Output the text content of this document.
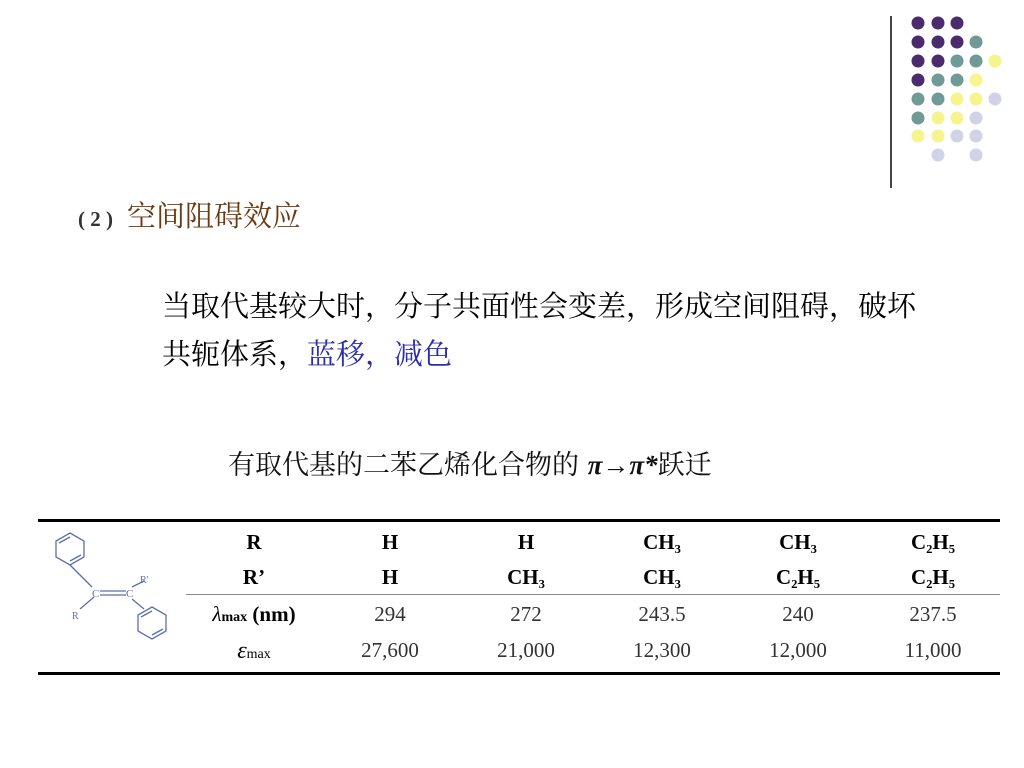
( 2 ) 空间阻碍效应
当取代基较大时，分子共面性会变差，形成空间阻碍，破坏共轭体系，蓝移，减色
有取代基的二苯乙烯化合物的 π→π*跃迁
C C
R'
R
R
R’
λmax (nm)
εmax
H
H
294
27,600
H
CH₃
272
21,000
CH₃
CH₃
243.5
12,300
CH₃
C₂H₅
240
12,000
C₂H₅
C₂H₅
237.5
11,000
